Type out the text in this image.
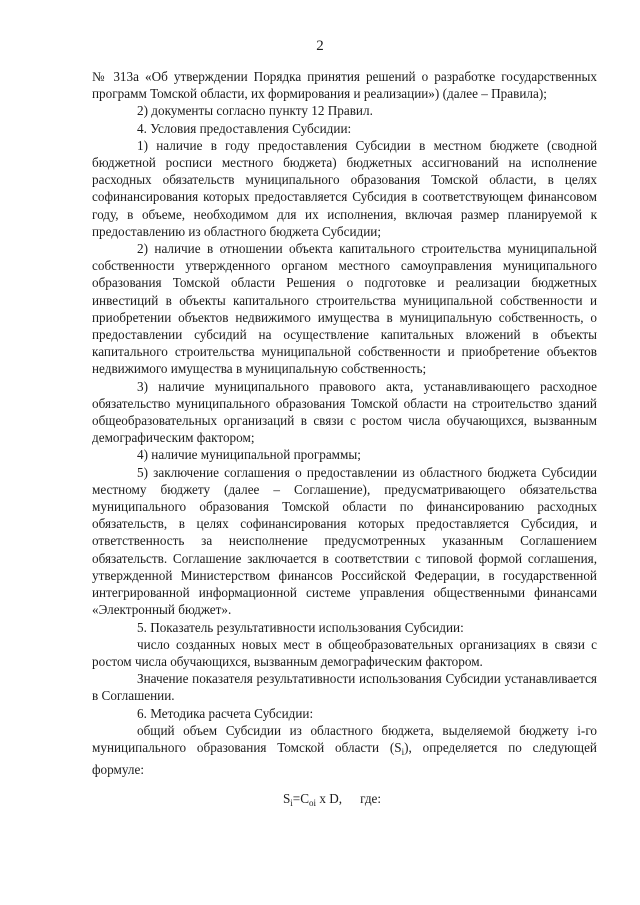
2

№ 313а «Об утверждении Порядка принятия решений о разработке государственных программ Томской области, их формирования и реализации») (далее – Правила);

2) документы согласно пункту 12 Правил.

4. Условия предоставления Субсидии:

1) наличие в году предоставления Субсидии в местном бюджете (сводной бюджетной росписи местного бюджета) бюджетных ассигнований на исполнение расходных обязательств муниципального образования Томской области, в целях софинансирования которых предоставляется Субсидия в соответствующем финансовом году, в объеме, необходимом для их исполнения, включая размер планируемой к предоставлению из областного бюджета Субсидии;

2) наличие в отношении объекта капитального строительства муниципальной собственности утвержденного органом местного самоуправления муниципального образования Томской области Решения о подготовке и реализации бюджетных инвестиций в объекты капитального строительства муниципальной собственности и приобретении объектов недвижимого имущества в муниципальную собственность, о предоставлении субсидий на осуществление капитальных вложений в объекты капитального строительства муниципальной собственности и приобретение объектов недвижимого имущества в муниципальную собственность;

3) наличие муниципального правового акта, устанавливающего расходное обязательство муниципального образования Томской области на строительство зданий общеобразовательных организаций в связи с ростом числа обучающихся, вызванным демографическим фактором;

4) наличие муниципальной программы;

5) заключение соглашения о предоставлении из областного бюджета Субсидии местному бюджету (далее – Соглашение), предусматривающего обязательства муниципального образования Томской области по финансированию расходных обязательств, в целях софинансирования которых предоставляется Субсидия, и ответственность за неисполнение предусмотренных указанным Соглашением обязательств. Соглашение заключается в соответствии с типовой формой соглашения, утвержденной Министерством финансов Российской Федерации, в государственной интегрированной информационной системе управления общественными финансами «Электронный бюджет».

5. Показатель результативности использования Субсидии:

число созданных новых мест в общеобразовательных организациях в связи с ростом числа обучающихся, вызванным демографическим фактором.

Значение показателя результативности использования Субсидии устанавливается в Соглашении.

6. Методика расчета Субсидии:

общий объем Субсидии из областного бюджета, выделяемой бюджету i-го муниципального образования Томской области $(S_i)$, определяется по следующей формуле:

$S_i=C_{oi}$ x D, где:
